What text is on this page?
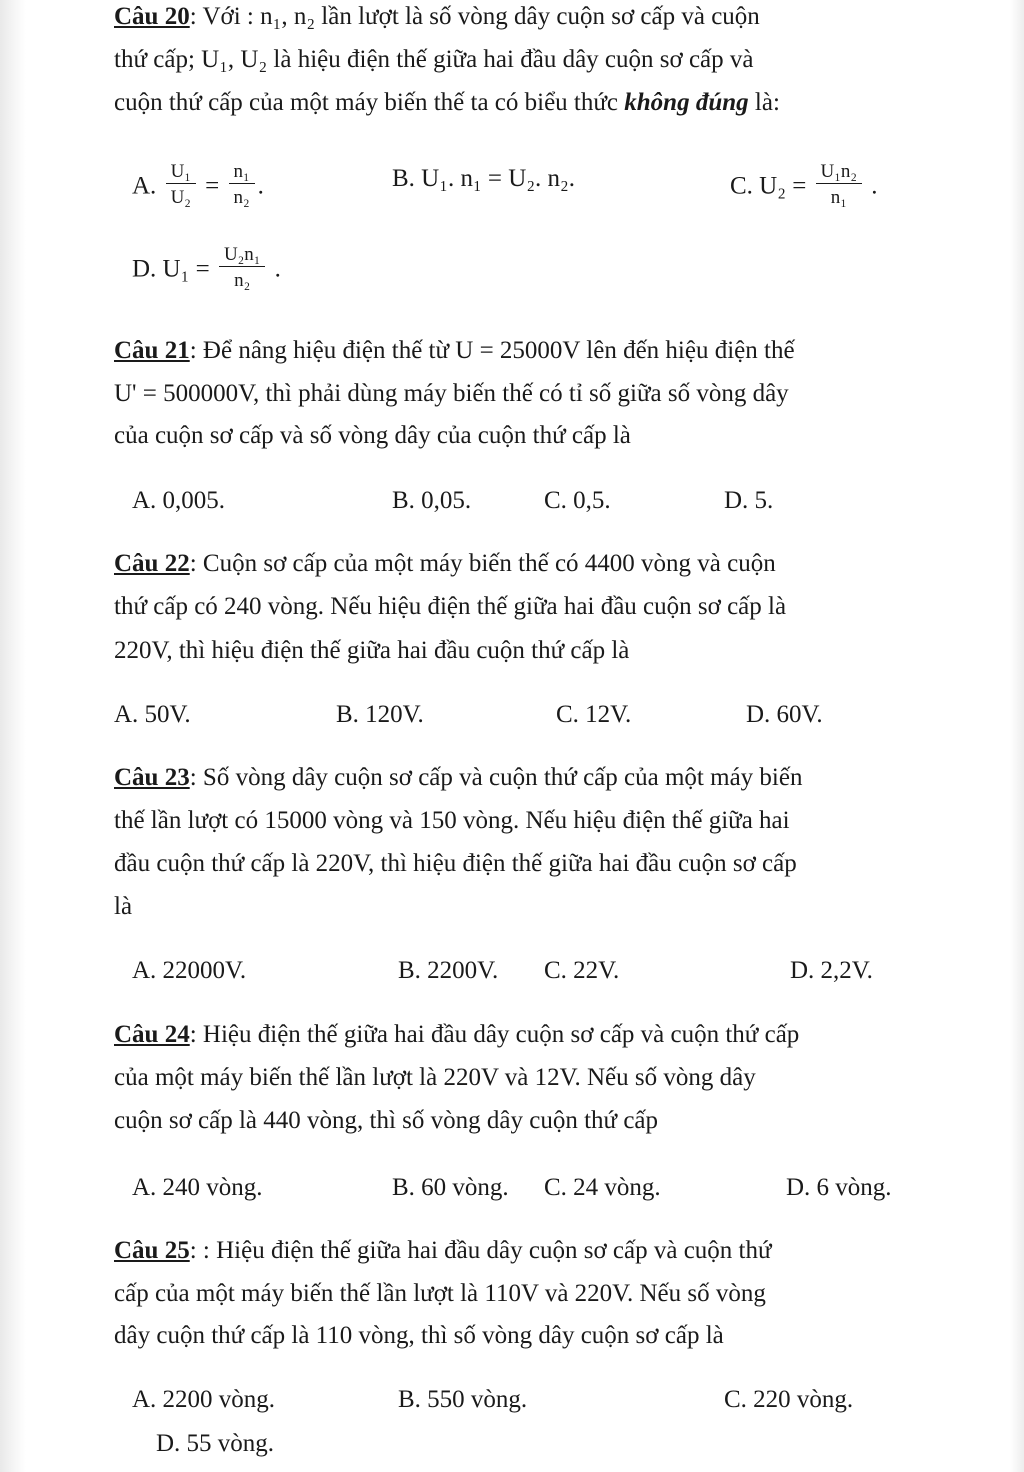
Câu 20: Với : n₁, n₂ lần lượt là số vòng dây cuộn sơ cấp và cuộn
thứ cấp; U₁, U₂ là hiệu điện thế giữa hai đầu dây cuộn sơ cấp và
cuộn thứ cấp của một máy biến thế ta có biểu thức không đúng là:
A. $\frac{\text{U₁}}{\text{U₂}} = \frac{\text{n₁}}{\text{n₂}}$ .	B. U₁. n₁ = U₂. n₂.	C. $U_2 = \frac{\text{U₁n₂}}{\text{n₁}}$ .
D. $U_1 = \frac{\text{U₂n₁}}{\text{n₂}}$ .
Câu 21: Để nâng hiệu điện thế từ U = 25000V lên đến hiệu điện thế
U' = 500000V, thì phải dùng máy biến thế có tỉ số giữa số vòng dây
của cuộn sơ cấp và số vòng dây của cuộn thứ cấp là
A. 0,005.	B. 0,05.	C. 0,5.	D. 5.
Câu 22: Cuộn sơ cấp của một máy biến thế có 4400 vòng và cuộn
thứ cấp có 240 vòng. Nếu hiệu điện thế giữa hai đầu cuộn sơ cấp là
220V, thì hiệu điện thế giữa hai đầu cuộn thứ cấp là
A. 50V.	B. 120V.	C. 12V.	D. 60V.
Câu 23: Số vòng dây cuộn sơ cấp và cuộn thứ cấp của một máy biến
thế lần lượt có 15000 vòng và 150 vòng. Nếu hiệu điện thế giữa hai
đầu cuộn thứ cấp là 220V, thì hiệu điện thế giữa hai đầu cuộn sơ cấp
là
A. 22000V.	B. 2200V. C. 22V.	D. 2,2V.
Câu 24: Hiệu điện thế giữa hai đầu dây cuộn sơ cấp và cuộn thứ cấp
của một máy biến thế lần lượt là 220V và 12V. Nếu số vòng dây
cuộn sơ cấp là 440 vòng, thì số vòng dây cuộn thứ cấp
A. 240 vòng.	B. 60 vòng. C. 24 vòng.	D. 6 vòng.
Câu 25: : Hiệu điện thế giữa hai đầu dây cuộn sơ cấp và cuộn thứ
cấp của một máy biến thế lần lượt là 110V và 220V. Nếu số vòng
dây cuộn thứ cấp là 110 vòng, thì số vòng dây cuộn sơ cấp là
A. 2200 vòng.	B. 550 vòng.	C. 220 vòng.
D. 55 vòng.
